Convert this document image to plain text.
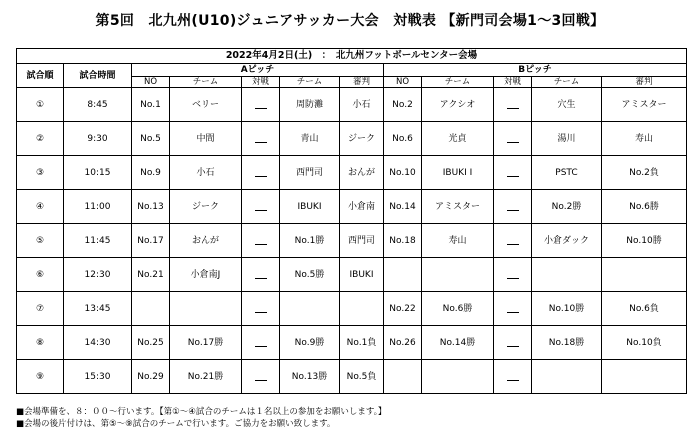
第5回　北九州(U10)ジュニアサッカー大会　対戦表 【新門司会場1～3回戦】
2022年4月2日(土)　：　北九州フットボールセンター会場											
試合順	試合時間	Aピッチ					Bピッチ				
		NO	チーム	対戦	チーム	審判	NO	チーム	対戦	チーム	審判
①	8:45	No.1	ベリー		周防灘	小石	No.2	アクシオ		穴生	アミスター
②	9:30	No.5	中間		青山	ジーク	No.6	光貞		湯川	寿山
③	10:15	No.9	小石		西門司	おんが	No.10	IBUKI Ⅰ		PSTC	No.2負
④	11:00	No.13	ジーク		IBUKI	小倉南	No.14	アミスター		No.2勝	No.6勝
⑤	11:45	No.17	おんが		No.1勝	西門司	No.18	寿山		小倉ダック	No.10勝
⑥	12:30	No.21	小倉南J		No.5勝	IBUKI					
⑦	13:45						No.22	No.6勝		No.10勝	No.6負
⑧	14:30	No.25	No.17勝		No.9勝	No.1負	No.26	No.14勝		No.18勝	No.10負
⑨	15:30	No.29	No.21勝		No.13勝	No.5負					
■会場準備を、８：００～行います。【第①～④試合のチームは１名以上の参加をお願いします。】
■会場の後片付けは、第⑤～⑨試合のチームで行います。ご協力をお願い致します。
